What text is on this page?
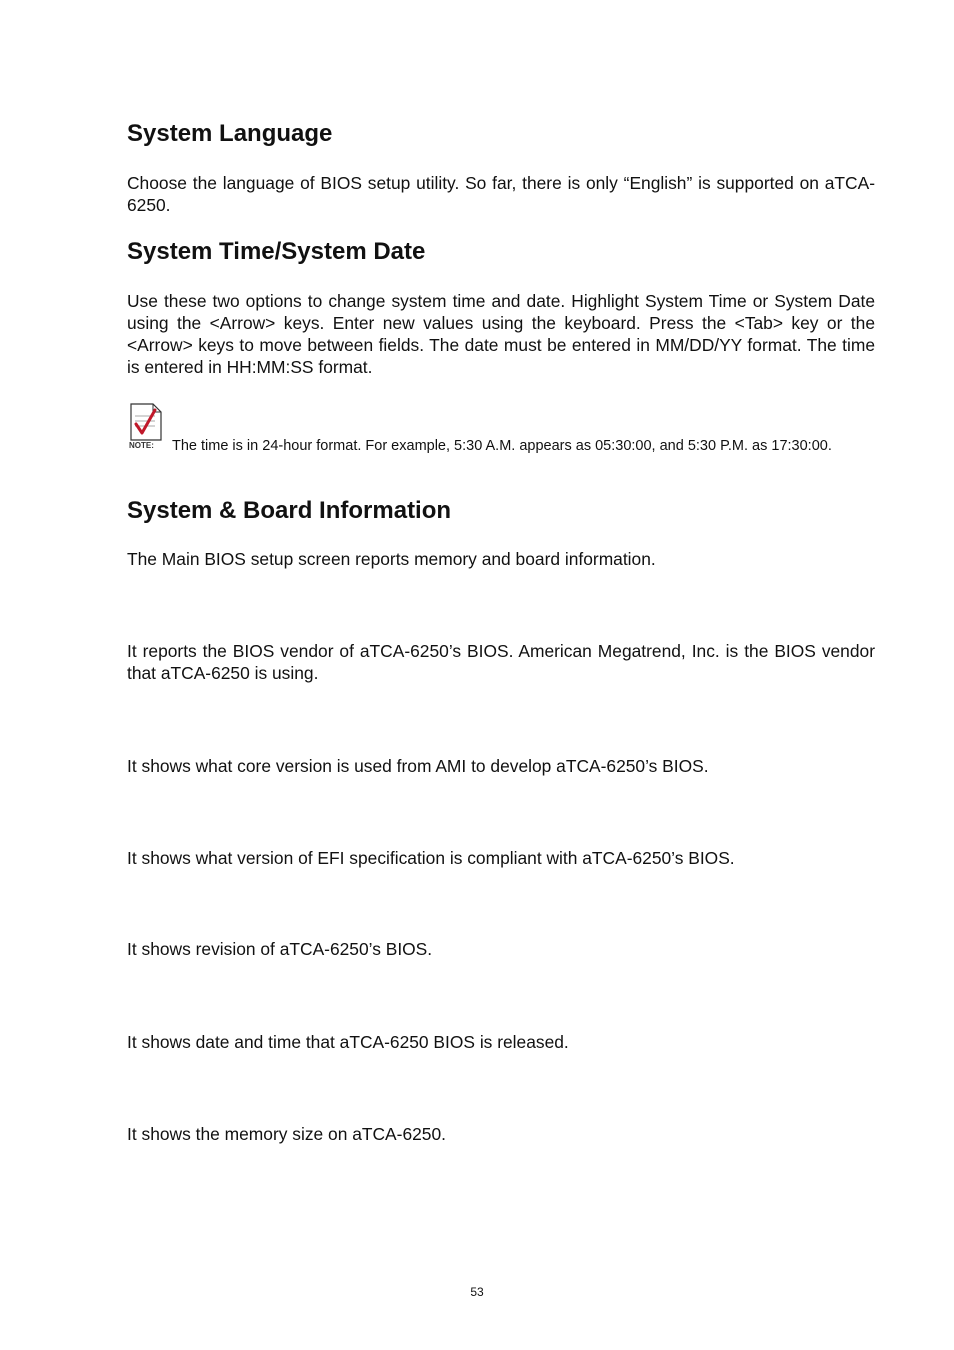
System Language

Choose the language of BIOS setup utility. So far, there is only “English” is supported on aTCA-6250.

System Time/System Date

Use these two options to change system time and date. Highlight System Time or System Date using the <Arrow> keys. Enter new values using the keyboard. Press the <Tab> key or the <Arrow> keys to move between fields. The date must be entered in MM/DD/YY format. The time is entered in HH:MM:SS format.

NOTE:	The time is in 24-hour format. For example, 5:30 A.M. appears as 05:30:00, and 5:30 P.M. as 17:30:00.

System & Board Information

The Main BIOS setup screen reports memory and board information.

It reports the BIOS vendor of aTCA-6250’s BIOS. American Megatrend, Inc. is the BIOS vendor that aTCA-6250 is using.

It shows what core version is used from AMI to develop aTCA-6250’s BIOS.

It shows what version of EFI specification is compliant with aTCA-6250’s BIOS.

It shows revision of aTCA-6250’s BIOS.

It shows date and time that aTCA-6250 BIOS is released.

It shows the memory size on aTCA-6250.

53
